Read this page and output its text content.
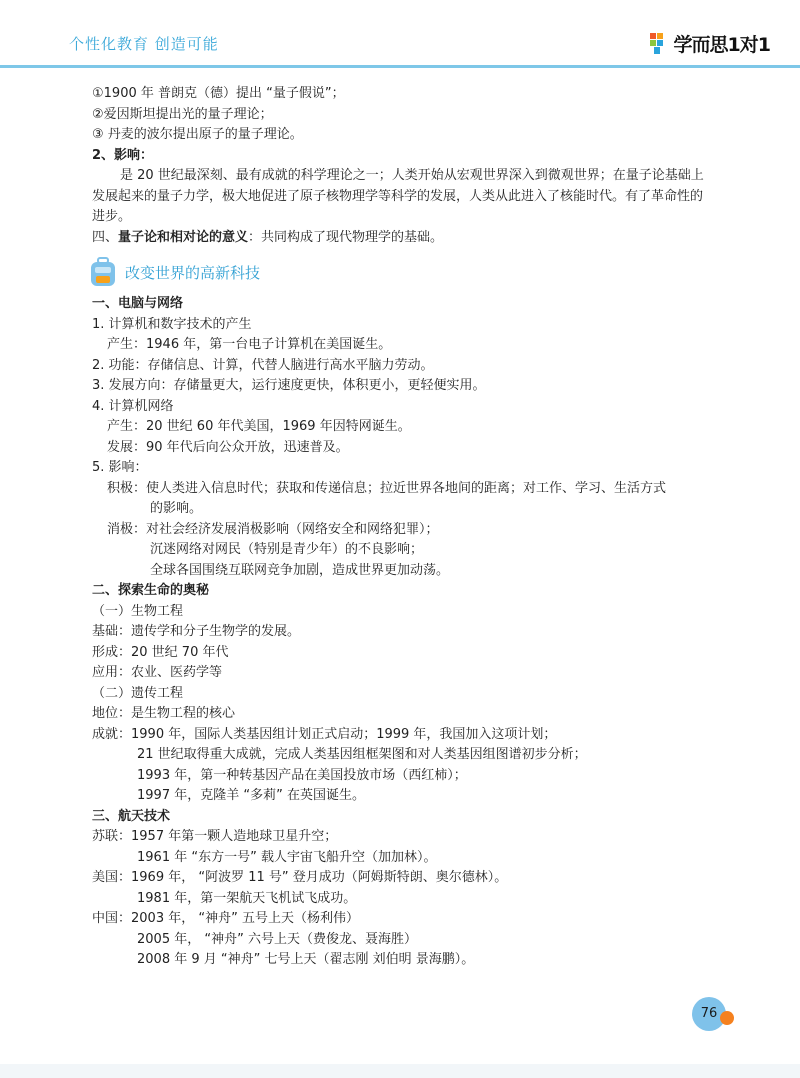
个性化教育 创造可能	学而思1对1
①1900 年 普朗克（德）提出 “量子假说”；
②爱因斯坦提出光的量子理论；
③ 丹麦的波尔提出原子的量子理论。
2、影响：

是 20 世纪最深刻、最有成就的科学理论之一；人类开始从宏观世界深入到微观世界；在量子论基础上发展起来的量子力学，极大地促进了原子核物理学等科学的发展，人类从此进入了核能时代。有了革命性的进步。

四、量子论和相对论的意义：共同构成了现代物理学的基础。
改变世界的高新科技
一、电脑与网络
1. 计算机和数字技术的产生
产生：1946 年，第一台电子计算机在美国诞生。
2. 功能：存储信息、计算，代替人脑进行高水平脑力劳动。
3. 发展方向：存储量更大，运行速度更快，体积更小，更轻便实用。
4. 计算机网络
产生：20 世纪 60 年代美国，1969 年因特网诞生。
发展：90 年代后向公众开放，迅速普及。
5. 影响：
积极：使人类进入信息时代；获取和传递信息；拉近世界各地间的距离；对工作、学习、生活方式
的影响。
消极：对社会经济发展消极影响（网络安全和网络犯罪）；
沉迷网络对网民（特别是青少年）的不良影响；
全球各国围绕互联网竞争加剧，造成世界更加动荡。
二、探索生命的奥秘
（一）生物工程
基础：遗传学和分子生物学的发展。
形成：20 世纪 70 年代
应用：农业、医药学等
（二）遗传工程
地位：是生物工程的核心
成就：1990 年，国际人类基因组计划正式启动；1999 年，我国加入这项计划；
21 世纪取得重大成就，完成人类基因组框架图和对人类基因组图谱初步分析；
1993 年，第一种转基因产品在美国投放市场（西红柿）；
1997 年，克隆羊 “多莉” 在英国诞生。
三、航天技术
苏联：1957 年第一颗人造地球卫星升空；
1961 年 “东方一号” 载人宇宙飞船升空（加加林）。
美国：1969 年， “阿波罗 11 号” 登月成功（阿姆斯特朗、奥尔德林）。
1981 年，第一架航天飞机试飞成功。
中国：2003 年， “神舟” 五号上天（杨利伟）
2005 年， “神舟” 六号上天（费俊龙、聂海胜）
2008 年 9 月 “神舟” 七号上天（翟志刚 刘伯明 景海鹏）。
76
